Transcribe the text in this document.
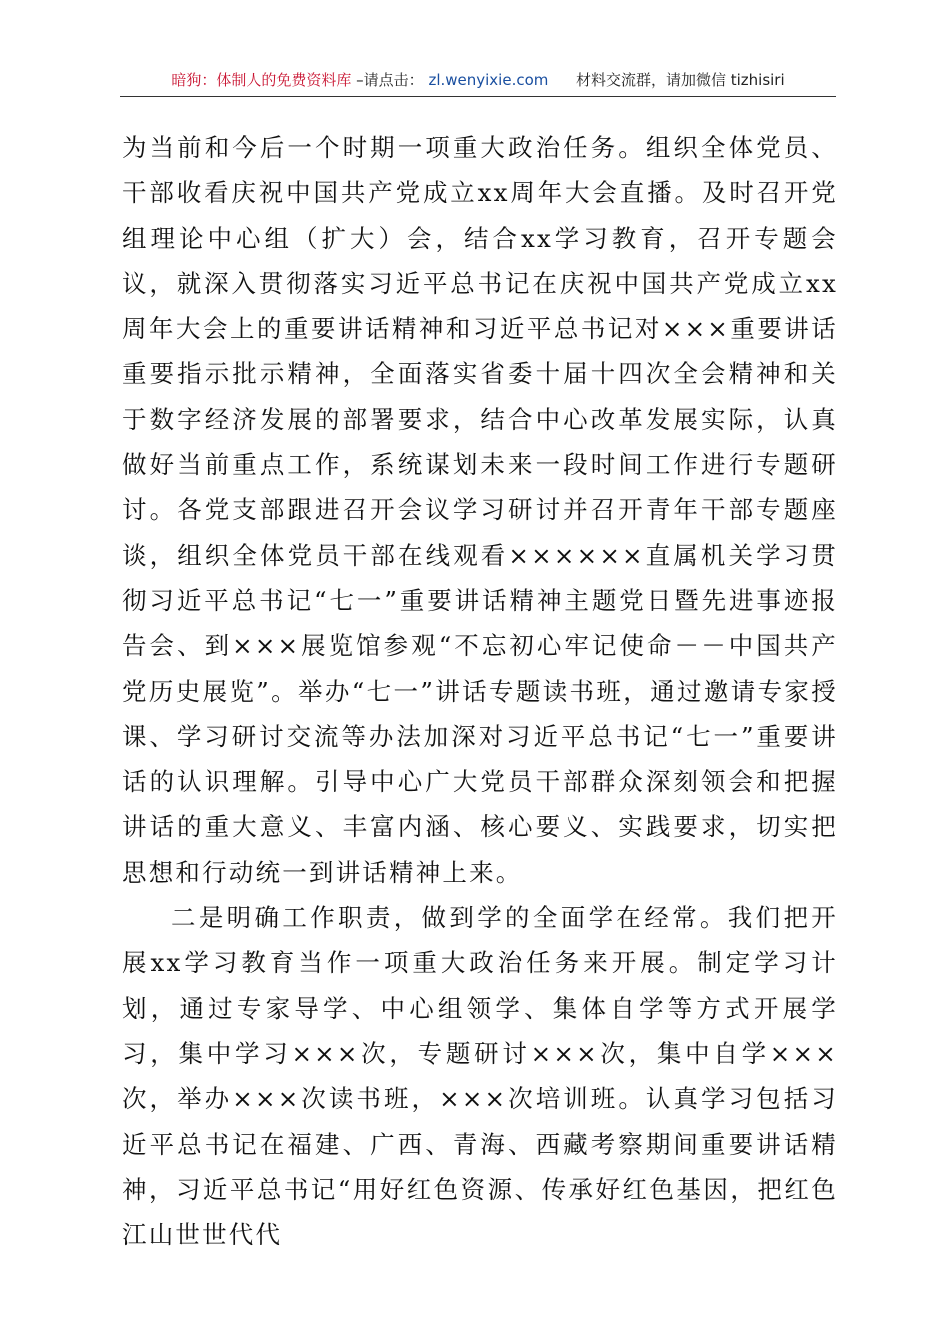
暗狗：体制人的免费资料库 –请点击： zl.wenyixie.com 材料交流群，请加微信 tizhisiri

为当前和今后一个时期一项重大政治任务。组织全体党员、干部收看庆祝中国共产党成立xx周年大会直播。及时召开党组理论中心组（扩大）会，结合xx学习教育，召开专题会议，就深入贯彻落实习近平总书记在庆祝中国共产党成立xx周年大会上的重要讲话精神和习近平总书记对×××重要讲话重要指示批示精神，全面落实省委十届十四次全会精神和关于数字经济发展的部署要求，结合中心改革发展实际，认真做好当前重点工作，系统谋划未来一段时间工作进行专题研讨。各党支部跟进召开会议学习研讨并召开青年干部专题座谈，组织全体党员干部在线观看××××××直属机关学习贯彻习近平总书记“七一”重要讲话精神主题党日暨先进事迹报告会、到×××展览馆参观“不忘初心牢记使命－－中国共产党历史展览”。举办“七一”讲话专题读书班，通过邀请专家授课、学习研讨交流等办法加深对习近平总书记“七一”重要讲话的认识理解。引导中心广大党员干部群众深刻领会和把握讲话的重大意义、丰富内涵、核心要义、实践要求，切实把思想和行动统一到讲话精神上来。

二是明确工作职责，做到学的全面学在经常。我们把开展xx学习教育当作一项重大政治任务来开展。制定学习计划，通过专家导学、中心组领学、集体自学等方式开展学习，集中学习×××次，专题研讨×××次，集中自学×××次，举办×××次读书班，×××次培训班。认真学习包括习近平总书记在福建、广西、青海、西藏考察期间重要讲话精神，习近平总书记“用好红色资源、传承好红色基因，把红色江山世世代代
